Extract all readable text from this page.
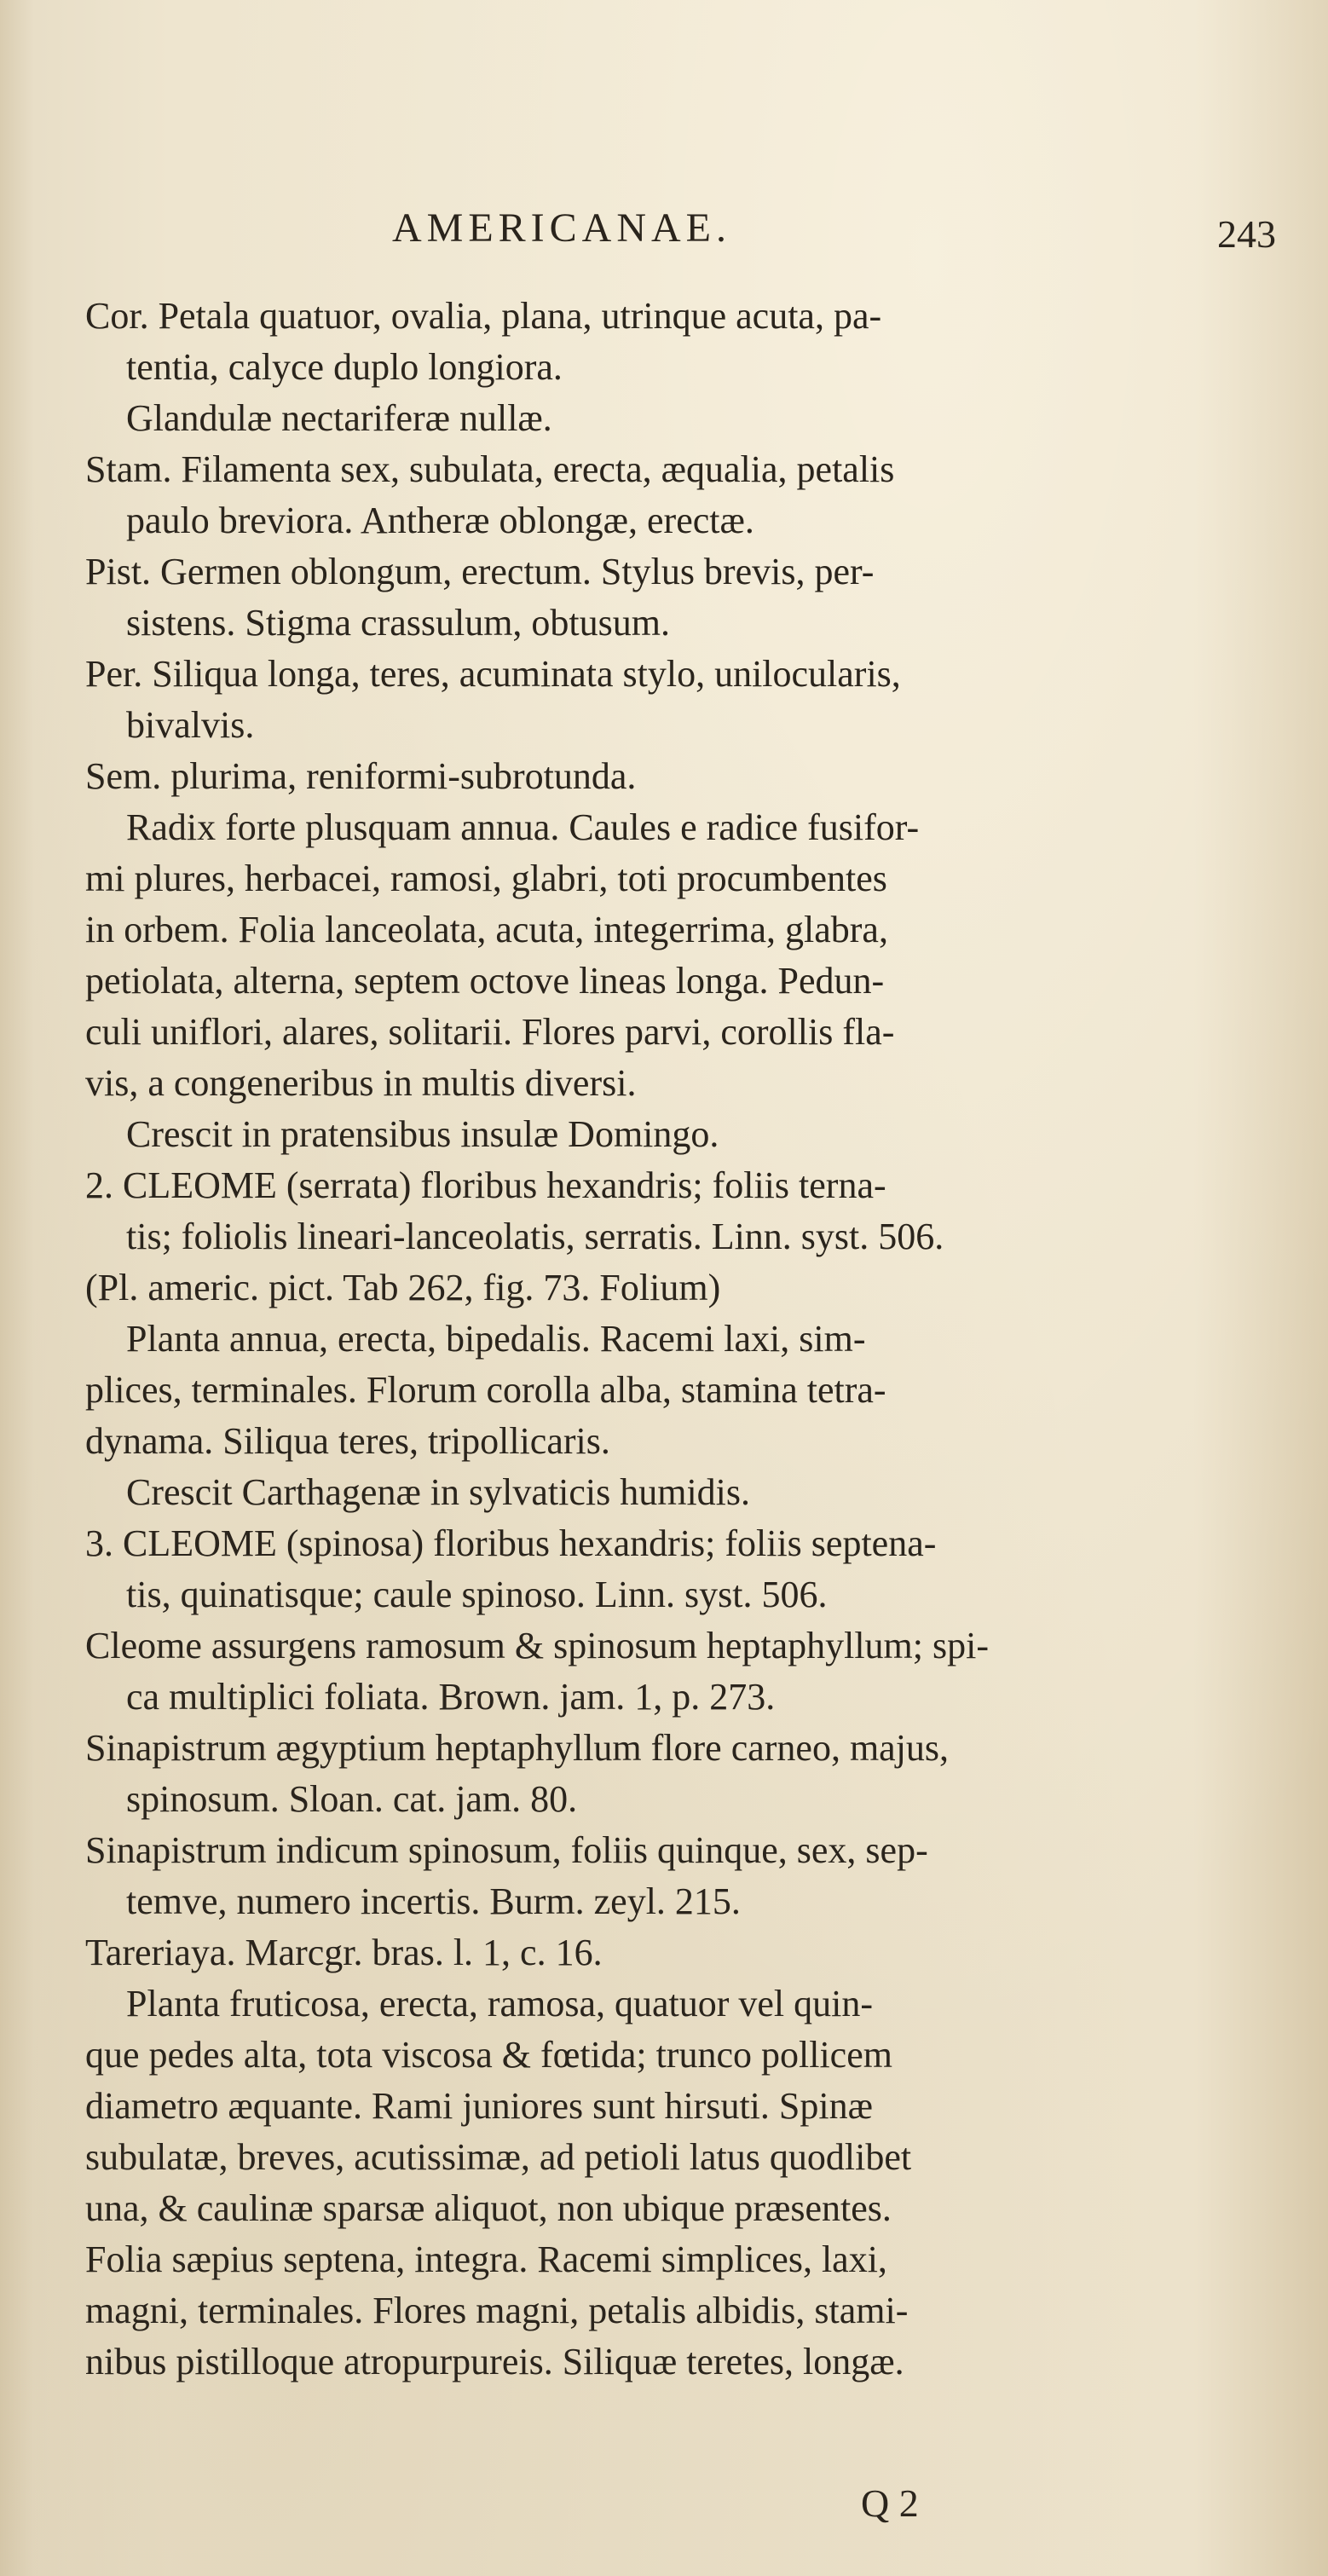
AMERICANAE.	243
Cor. Petala quatuor, ovalia, plana, utrinque acuta, pa-
tentia, calyce duplo longiora.
Glandulæ nectariferæ nullæ.
Stam. Filamenta sex, subulata, erecta, æqualia, petalis
paulo breviora. Antheræ oblongæ, erectæ.
Pist. Germen oblongum, erectum. Stylus brevis, per-
sistens. Stigma crassulum, obtusum.
Per. Siliqua longa, teres, acuminata stylo, unilocularis,
bivalvis.
Sem. plurima, reniformi-subrotunda.
Radix forte plusquam annua. Caules e radice fusifor-
mi plures, herbacei, ramosi, glabri, toti procumbentes
in orbem. Folia lanceolata, acuta, integerrima, glabra,
petiolata, alterna, septem octove lineas longa. Pedun-
culi uniflori, alares, solitarii. Flores parvi, corollis fla-
vis, a congeneribus in multis diversi.
Crescit in pratensibus insulæ Domingo.
2. CLEOME (serrata) floribus hexandris; foliis terna-
tis; foliolis lineari-lanceolatis, serratis. Linn. syst. 506.
(Pl. americ. pict. Tab 262, fig. 73. Folium)
Planta annua, erecta, bipedalis. Racemi laxi, sim-
plices, terminales. Florum corolla alba, stamina tetra-
dynama. Siliqua teres, tripollicaris.
Crescit Carthagenæ in sylvaticis humidis.
3. CLEOME (spinosa) floribus hexandris; foliis septena-
tis, quinatisque; caule spinoso. Linn. syst. 506.
Cleome assurgens ramosum & spinosum heptaphyllum; spi-
ca multiplici foliata. Brown. jam. 1, p. 273.
Sinapistrum ægyptium heptaphyllum flore carneo, majus,
spinosum. Sloan. cat. jam. 80.
Sinapistrum indicum spinosum, foliis quinque, sex, sep-
temve, numero incertis. Burm. zeyl. 215.
Tareriaya. Marcgr. bras. l. 1, c. 16.
Planta fruticosa, erecta, ramosa, quatuor vel quin-
que pedes alta, tota viscosa & fœtida; trunco pollicem
diametro æquante. Rami juniores sunt hirsuti. Spinæ
subulatæ, breves, acutissimæ, ad petioli latus quodlibet
una, & caulinæ sparsæ aliquot, non ubique præsentes.
Folia sæpius septena, integra. Racemi simplices, laxi,
magni, terminales. Flores magni, petalis albidis, stami-
nibus pistilloque atropurpureis. Siliquæ teretes, longæ.
Q 2
